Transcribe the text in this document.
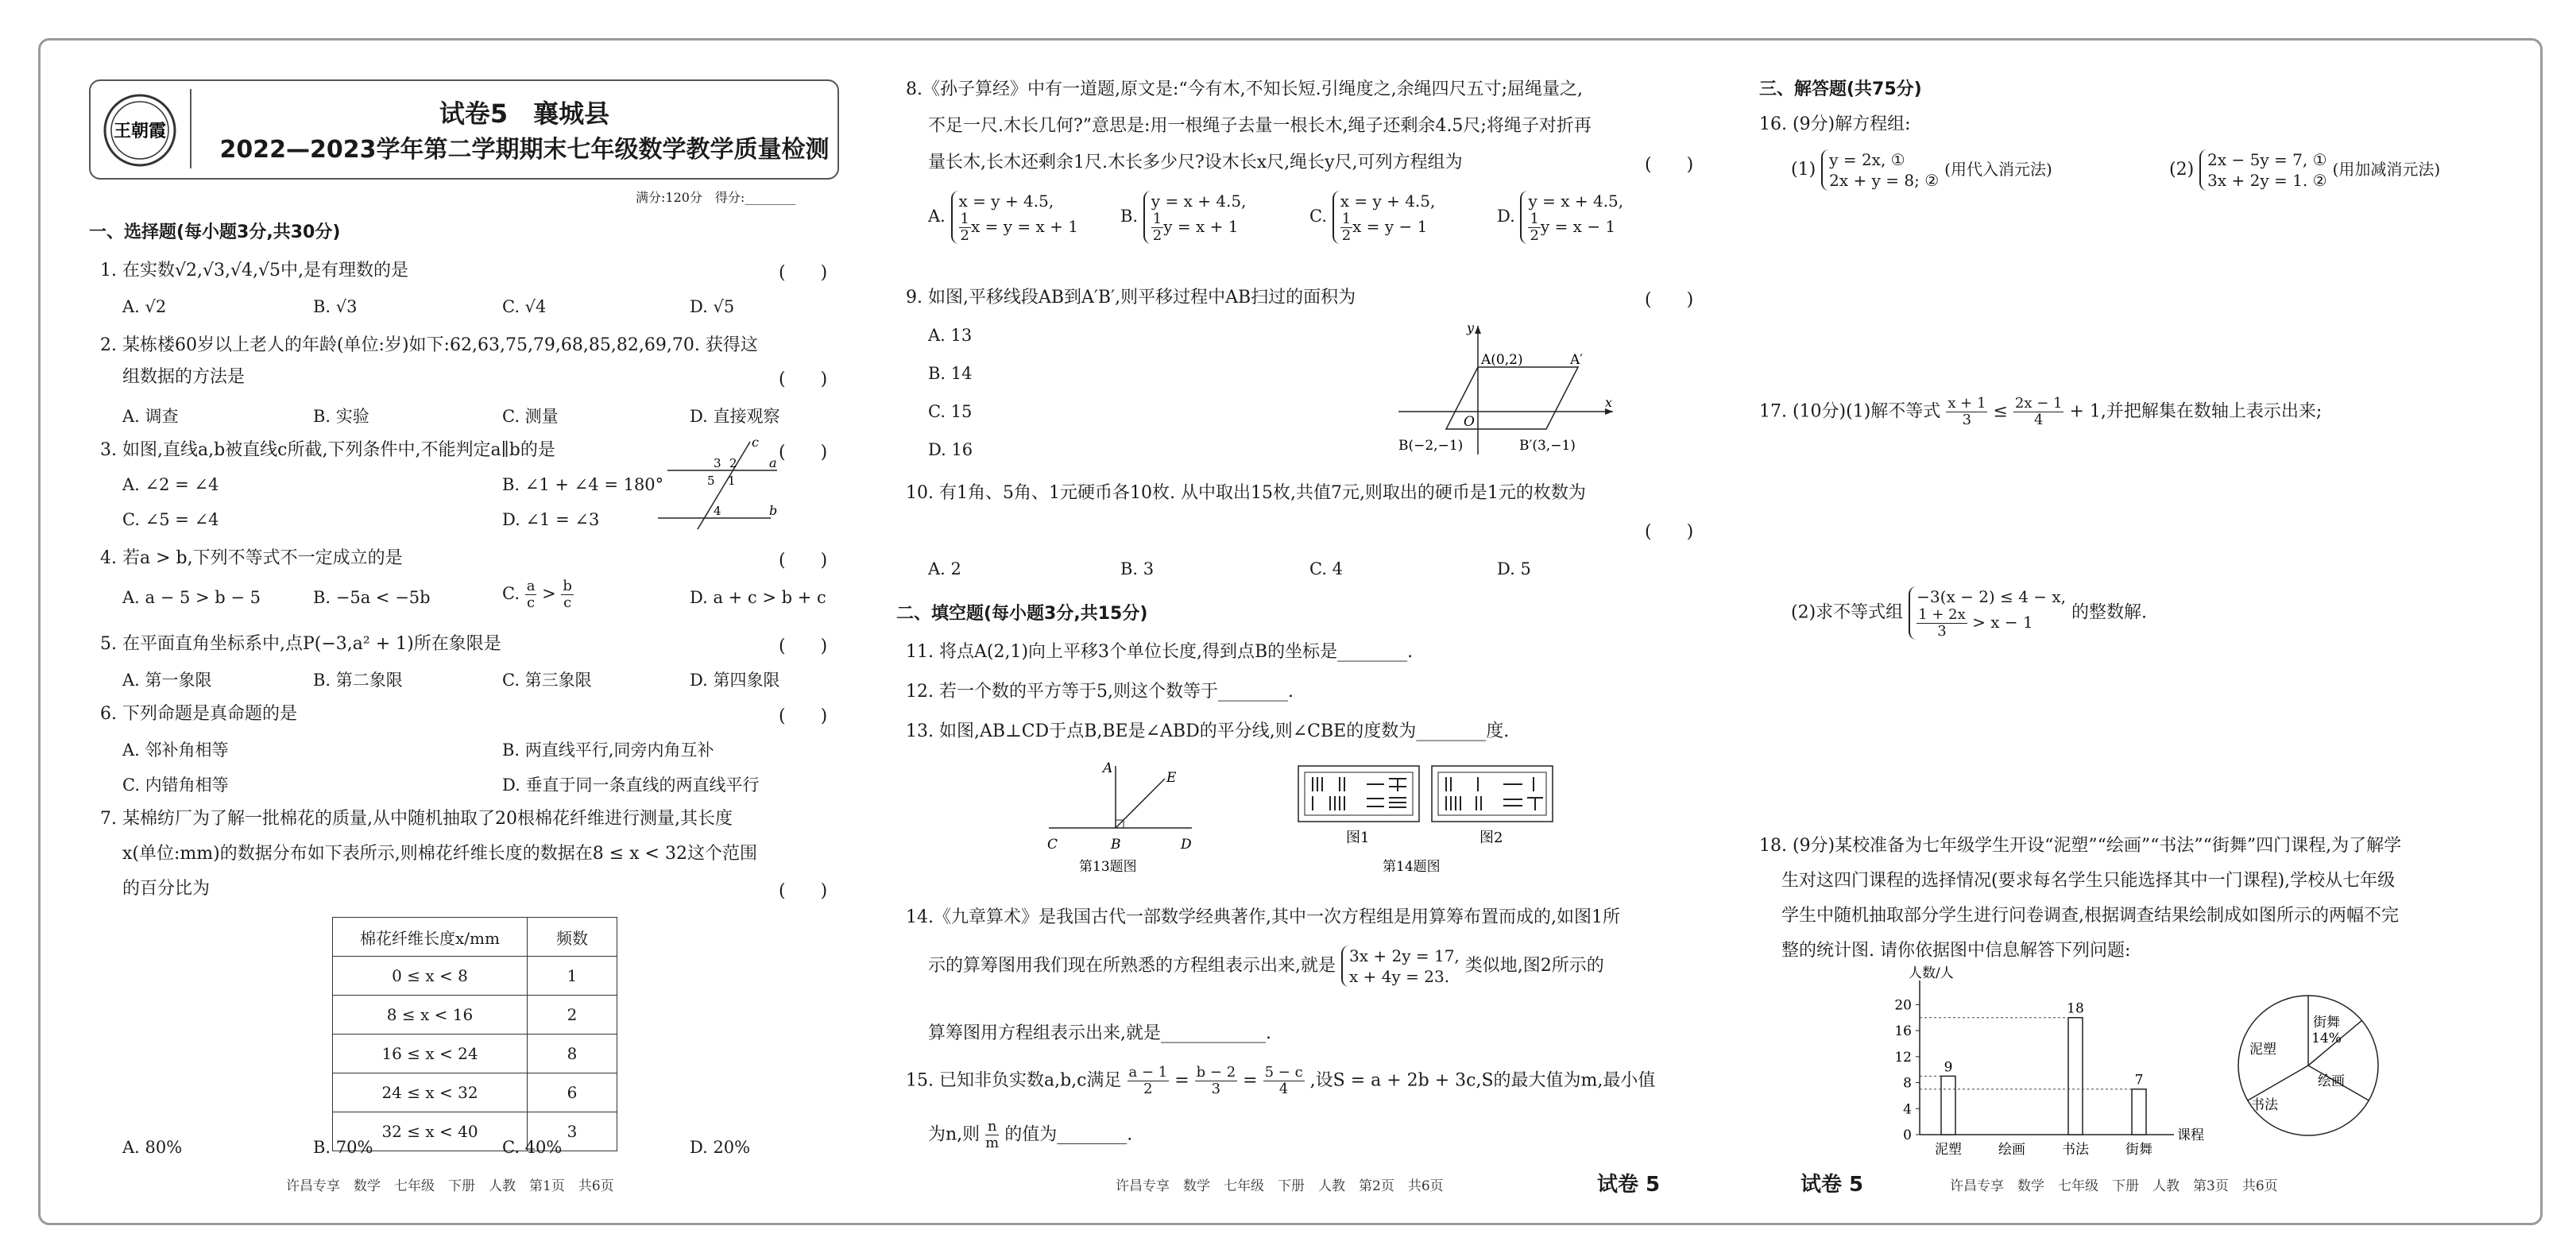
王朝霞
试卷5　襄城县
2022—2023学年第二学期期末七年级数学教学质量检测
满分:120分　得分:________
一、选择题(每小题3分,共30分)
1. 在实数√2,√3,√4,√5中,是有理数的是	(　　)
A. √2	B. √3	C. √4	D. √5
2. 某栋楼60岁以上老人的年龄(单位:岁)如下:62,63,75,79,68,85,82,69,70. 获得这
组数据的方法是	(　　)
A. 调查	B. 实验	C. 测量	D. 直接观察
3. 如图,直线a,b被直线c所截,下列条件中,不能判定a∥b的是	(　　)
A. ∠2 = ∠4	B. ∠1 + ∠4 = 180°
C. ∠5 = ∠4	D. ∠1 = ∠3
c
a
b
3 2
1
5
4
4. 若a > b,下列不等式不一定成立的是	(　　)
A. a − 5 > b − 5	B. −5a < −5b	C. $\frac{a}{c} > \frac{b}{c}$	D. a + c > b + c
5. 在平面直角坐标系中,点P(−3,a² + 1)所在象限是	(　　)
A. 第一象限	B. 第二象限	C. 第三象限	D. 第四象限
6. 下列命题是真命题的是	(　　)
A. 邻补角相等	B. 两直线平行,同旁内角互补
C. 内错角相等	D. 垂直于同一条直线的两直线平行
7. 某棉纺厂为了解一批棉花的质量,从中随机抽取了20根棉花纤维进行测量,其长度
x(单位:mm)的数据分布如下表所示,则棉花纤维长度的数据在8 ≤ x < 32这个范围
的百分比为	(　　)
棉花纤维长度x/mm	频数
0 ≤ x < 8	1
8 ≤ x < 16	2
16 ≤ x < 24	8
24 ≤ x < 32	6
32 ≤ x < 40	3
A. 80%	B. 70%	C. 40%	D. 20%
许昌专享　数学　七年级　下册　人教　第1页　共6页
8.《孙子算经》中有一道题,原文是:“今有木,不知长短.引绳度之,余绳四尺五寸;屈绳量之,
不足一尺.木长几何?”意思是:用一根绳子去量一根长木,绳子还剩余4.5尺;将绳子对折再
量长木,长木还剩余1尺.木长多少尺?设木长x尺,绳长y尺,可列方程组为	(　　)
A.
x = y + 4.5,
$\frac{1}{2}$ x = y = x + 1
B.
y = x + 4.5,
$\frac{1}{2}$ y = x + 1
C.
x = y + 4.5,
$\frac{1}{2}$ x = y − 1
D.
y = x + 4.5,
$\frac{1}{2}$ y = x − 1
9. 如图,平移线段AB到A′B′,则平移过程中AB扫过的面积为	(　　)
A. 13
B. 14
C. 15
D. 16
x
y
A(0,2)	A′
O
B(−2,−1)	B′(3,−1)
10. 有1角、5角、1元硬币各10枚. 从中取出15枚,共值7元,则取出的硬币是1元的枚数为
(　　)
A. 2	B. 3	C. 4	D. 5
二、填空题(每小题3分,共15分)
11. 将点A(2,1)向上平移3个单位长度,得到点B的坐标是________.
12. 若一个数的平方等于5,则这个数等于________.
13. 如图,AB⊥CD于点B,BE是∠ABD的平分线,则∠CBE的度数为________度.
A
E
C	B	D
第13题图
图1	图2
第14题图
14.《九章算术》是我国古代一部数学经典著作,其中一次方程组是用算筹布置而成的,如图1所
示的算筹图用我们现在所熟悉的方程组表示出来,就是 3x + 2y = 17,
x + 4y = 23.
类似地,图2所示的
算筹图用方程组表示出来,就是____________.
15. 已知非负实数a,b,c满足 $\frac{a - 1}{2} = \frac{b - 2}{3} = \frac{5 - c}{4}$ ,设S = a + 2b + 3c,S的最大值为m,最小值
为n,则 $\frac{n}{m}$ 的值为________.
许昌专享　数学　七年级　下册　人教　第2页　共6页	试卷 5
三、解答题(共75分)
16. (9分)解方程组:
(1) y = 2x, ①
2x + y = 8; ②
(用代入消元法)	(2) 2x − 5y = 7, ①
3x + 2y = 1. ②
(用加减消元法)
17. (10分)(1)解不等式 $\frac{x + 1}{3} \le \frac{2x - 1}{4} + 1$,并把解集在数轴上表示出来;
(2)求不等式组
−3(x − 2) ≤ 4 − x,
$\frac{1 + 2x}{3} > x - 1$	的整数解.
18. (9分)某校准备为七年级学生开设“泥塑”“绘画”“书法”“街舞”四门课程,为了解学
生对这四门课程的选择情况(要求每名学生只能选择其中一门课程),学校从七年级
学生中随机抽取部分学生进行问卷调查,根据调查结果绘制成如图所示的两幅不完
整的统计图. 请你依据图中信息解答下列问题:
人数/人
课程
0
4
8
12
16
20
泥塑
9
绘画	书法
18
街舞
7
街舞
14%
泥塑
书法
绘画
许昌专享　数学　七年级　下册　人教　第3页　共6页
试卷 5
